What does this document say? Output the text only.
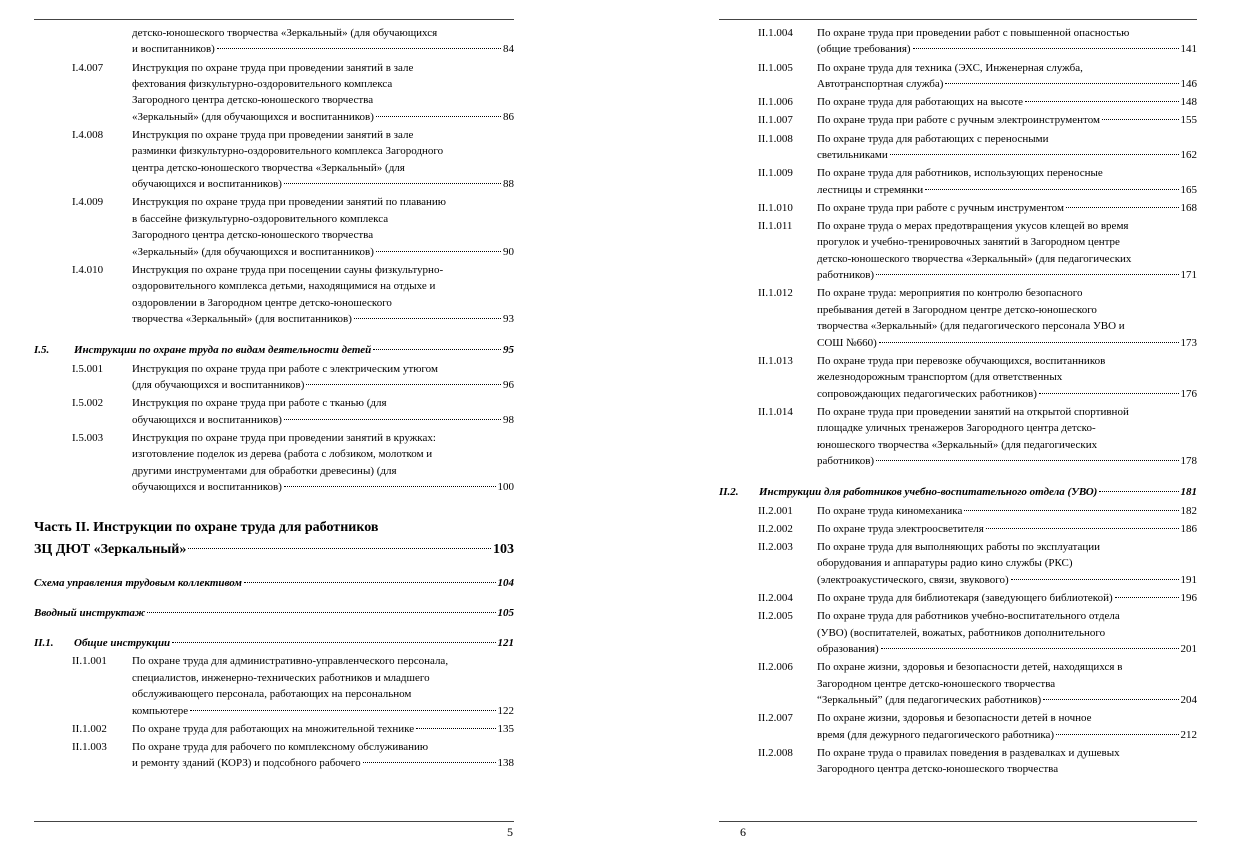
детско-юношеского творчества «Зеркальный» (для обучающихся
и воспитанников)	84
I.4.007	Инструкция по охране труда при проведении занятий в зале
фехтования физкультурно-оздоровительного комплекса
Загородного центра детско-юношеского творчества
«Зеркальный» (для обучающихся и воспитанников)	86
I.4.008	Инструкция по охране труда при проведении занятий в зале
разминки физкультурно-оздоровительного комплекса Загородного
центра детско-юношеского творчества «Зеркальный» (для
обучающихся и воспитанников)	88
I.4.009	Инструкция по охране труда при проведении занятий по плаванию
в бассейне физкультурно-оздоровительного комплекса
Загородного центра детско-юношеского творчества
«Зеркальный» (для обучающихся и воспитанников)	90
I.4.010	Инструкция по охране труда при посещении сауны физкультурно-
оздоровительного комплекса детьми, находящимися на отдыхе и
оздоровлении в Загородном центре детско-юношеского
творчества «Зеркальный» (для воспитанников)	93
I.5. Инструкции по охране труда по видам деятельности детей	95
I.5.001	Инструкция по охране труда при работе с электрическим утюгом
(для обучающихся и воспитанников)	96
I.5.002	Инструкция по охране труда при работе с тканью (для
обучающихся и воспитанников)	98
I.5.003	Инструкция по охране труда при проведении занятий в кружках:
изготовление поделок из дерева (работа с лобзиком, молотком и
другими инструментами для обработки древесины) (для
обучающихся и воспитанников)	100
Часть II. Инструкции по охране труда для работников
ЗЦ ДЮТ «Зеркальный»	103
Схема управления трудовым коллективом	104
Вводный инструктаж	105
II.1. Общие инструкции	121
II.1.001 По охране труда для административно-управленческого персонала,
специалистов, инженерно-технических работников и младшего
обслуживающего персонала, работающих на персональном
компьютере	122
II.1.002 По охране труда для работающих на множительной технике	135
II.1.003 По охране труда для рабочего по комплексному обслуживанию
и ремонту зданий (КОРЗ) и подсобного рабочего	138
5
II.1.004 По охране труда при проведении работ с повышенной опасностью
(общие требования)	141
II.1.005 По охране труда для техника (ЭХС, Инженерная служба,
Автотранспортная служба)	146
II.1.006 По охране труда для работающих на высоте	148
II.1.007 По охране труда при работе с ручным электроинструментом	155
II.1.008 По охране труда для работающих с переносными
светильниками	162
II.1.009 По охране труда для работников, использующих переносные
лестницы и стремянки	165
II.1.010 По охране труда при работе с ручным инструментом	168
II.1.011 По охране труда о мерах предотвращения укусов клещей во время
прогулок и учебно-тренировочных занятий в Загородном центре
детско-юношеского творчества «Зеркальный» (для педагогических
работников)	171
II.1.012 По охране труда: мероприятия по контролю безопасного
пребывания детей в Загородном центре детско-юношеского
творчества «Зеркальный» (для педагогического персонала УВО и
СОШ №660)	173
II.1.013 По охране труда при перевозке обучающихся, воспитанников
железнодорожным транспортом (для ответственных
сопровождающих педагогических работников)	176
II.1.014 По охране труда при проведении занятий на открытой спортивной
площадке уличных тренажеров Загородного центра детско-
юношеского творчества «Зеркальный» (для педагогических
работников)	178
II.2. Инструкции для работников учебно-воспитательного отдела (УВО)	181
II.2.001 По охране труда киномеханика	182
II.2.002 По охране труда электроосветителя	186
II.2.003 По охране труда для выполняющих работы по эксплуатации
оборудования и аппаратуры радио кино службы (РКС)
(электроакустического, связи, звукового)	191
II.2.004 По охране труда для библиотекаря (заведующего библиотекой)	196
II.2.005 По охране труда для работников учебно-воспитательного отдела
(УВО) (воспитателей, вожатых, работников дополнительного
образования)	201
II.2.006 По охране жизни, здоровья и безопасности детей, находящихся в
Загородном центре детско-юношеского творчества
“Зеркальный” (для педагогических работников)	204
II.2.007 По охране жизни, здоровья и безопасности детей в ночное
время (для дежурного педагогического работника)	212
II.2.008 По охране труда о правилах поведения в раздевалках и душевых
Загородного центра детско-юношеского творчества
6
